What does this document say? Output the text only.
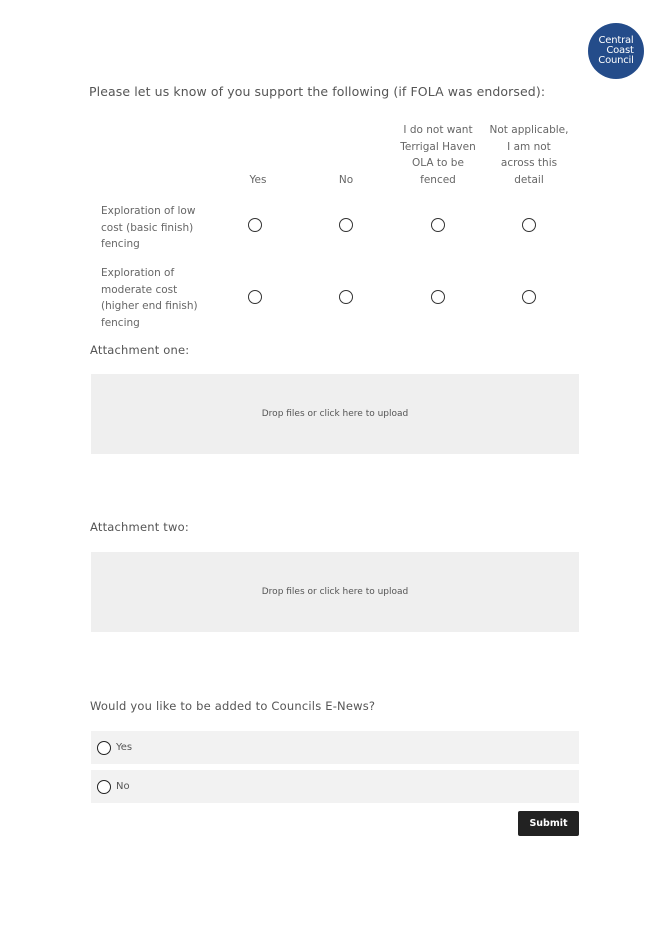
Central
Coast
Council
Please let us know of you support the following (if FOLA was endorsed):
Yes	No
I do not want
Terrigal Haven
OLA to be
fenced
Not applicable,
I am not
across this
detail
Exploration of low
cost (basic finish)
fencing
Exploration of
moderate cost
(higher end finish)
fencing
Attachment one:
Drop files or click here to upload
Attachment two:
Drop files or click here to upload
Would you like to be added to Councils E-News?
Yes
No
Submit
